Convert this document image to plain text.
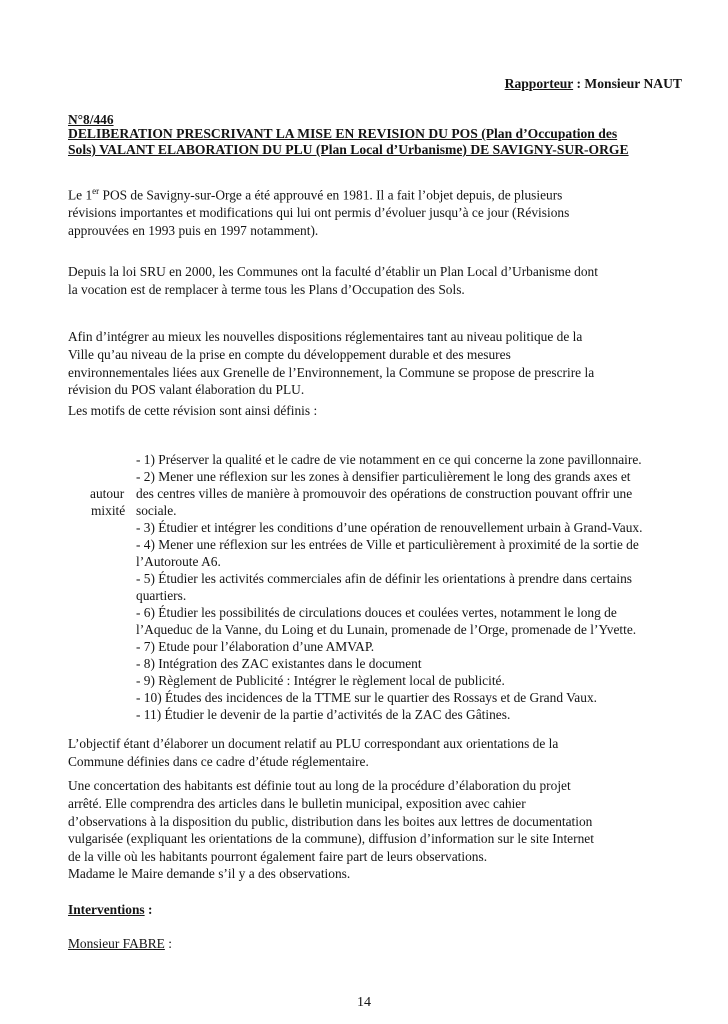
Rapporteur : Monsieur NAUT
N°8/446
DELIBERATION PRESCRIVANT LA MISE EN REVISION DU POS (Plan d’Occupation des
Sols) VALANT ELABORATION DU PLU (Plan Local d’Urbanisme) DE SAVIGNY-SUR-ORGE
Le 1er POS de Savigny-sur-Orge a été approuvé en 1981. Il a fait l’objet depuis, de plusieurs
révisions importantes et modifications qui lui ont permis d’évoluer jusqu’à ce jour (Révisions
approuvées en 1993 puis en 1997 notamment).
Depuis la loi SRU en 2000, les Communes ont la faculté d’établir un Plan Local d’Urbanisme dont
la vocation est de remplacer à terme tous les Plans d’Occupation des Sols.
Afin d’intégrer au mieux les nouvelles dispositions réglementaires tant au niveau politique de la
Ville qu’au niveau de la prise en compte du développement durable et des mesures
environnementales liées aux Grenelle de l’Environnement, la Commune se propose de prescrire la
révision du POS valant élaboration du PLU.
Les motifs de cette révision sont ainsi définis :
autour
mixité
- 1) Préserver la qualité et le cadre de vie notamment en ce qui concerne la zone pavillonnaire.
- 2) Mener une réflexion sur les zones à densifier particulièrement le long des grands axes et
des centres villes de manière à promouvoir des opérations de construction pouvant offrir une
sociale.
- 3) Étudier et intégrer les conditions d’une opération de renouvellement urbain à Grand-Vaux.
- 4) Mener une réflexion sur les entrées de Ville et particulièrement à proximité de la sortie de
l’Autoroute A6.
- 5) Étudier les activités commerciales afin de définir les orientations à prendre dans certains
quartiers.
- 6) Étudier les possibilités de circulations douces et coulées vertes, notamment le long de
l’Aqueduc de la Vanne, du Loing et du Lunain, promenade de l’Orge, promenade de l’Yvette.
- 7) Etude pour l’élaboration d’une AMVAP.
- 8) Intégration des ZAC existantes dans le document
- 9) Règlement de Publicité : Intégrer le règlement local de publicité.
- 10) Études des incidences de la TTME sur le quartier des Rossays et de Grand Vaux.
- 11) Étudier le devenir de la partie d’activités de la ZAC des Gâtines.
L’objectif étant d’élaborer un document relatif au PLU correspondant aux orientations de la
Commune définies dans ce cadre d’étude réglementaire.
Une concertation des habitants est définie tout au long de la procédure d’élaboration du projet
arrêté. Elle comprendra des articles dans le bulletin municipal, exposition avec cahier
d’observations à la disposition du public, distribution dans les boites aux lettres de documentation
vulgarisée (expliquant les orientations de la commune), diffusion d’information sur le site Internet
de la ville où les habitants pourront également faire part de leurs observations.
Madame le Maire demande s’il y a des observations.
Interventions :
Monsieur FABRE :
14
